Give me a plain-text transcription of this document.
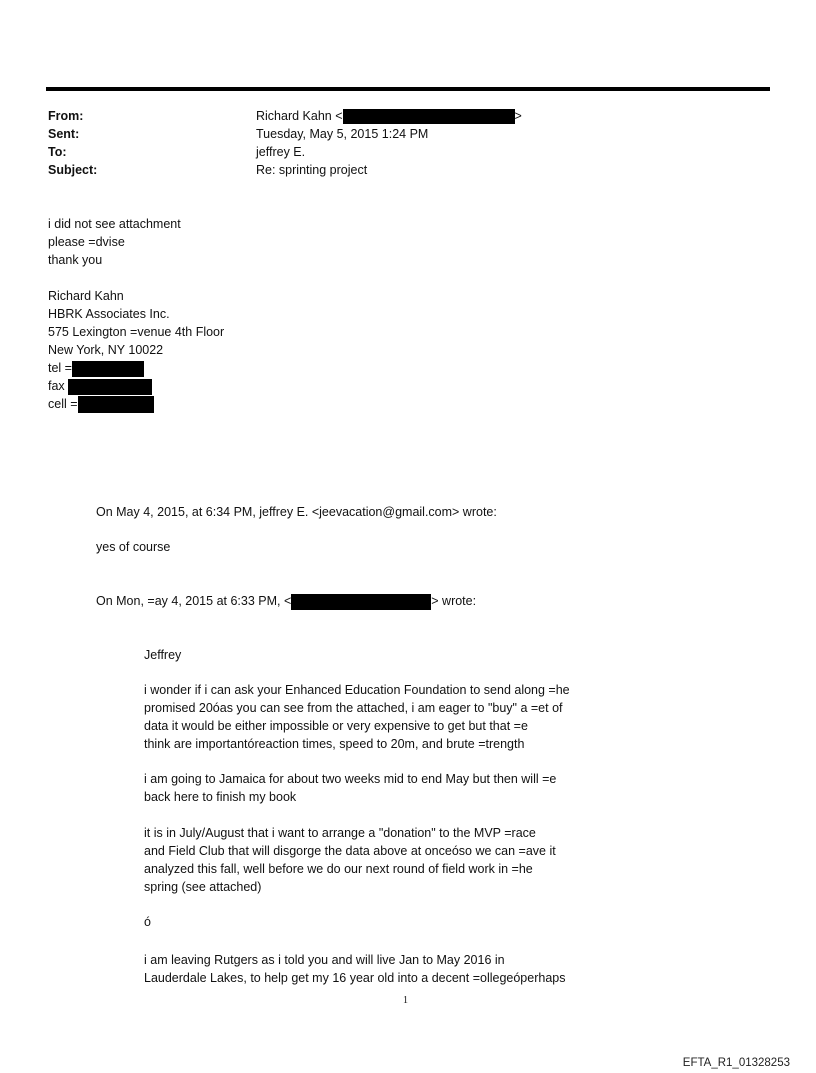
From:
Sent:
To:
Subject:
Richard Kahn <	>
Tuesday, May 5, 2015 1:24 PM
jeffrey E.
Re: sprinting project
i did not see attachment
please =dvise
thank you
Richard Kahn
HBRK Associates Inc.
575 Lexington =venue 4th Floor
New York, NY 10022
tel =
fax
cell =
On May 4, 2015, at 6:34 PM, jeffrey E. <jeevacation@gmail.com> wrote:
yes of course
On Mon, =ay 4, 2015 at 6:33 PM, <	> wrote:
Jeffrey
i wonder if i can ask your Enhanced Education Foundation to send along =he
promised 20óas you can see from the attached, i am eager to "buy" a =et of
data it would be either impossible or very expensive to get but that =e
think are importantóreaction times, speed to 20m, and brute =trength
i am going to Jamaica for about two weeks mid to end May but then will =e
back here to finish my book
it is in July/August that i want to arrange a "donation" to the MVP =race
and Field Club that will disgorge the data above at onceóso we can =ave it
analyzed this fall, well before we do our next round of field work in =he
spring (see attached)
ó
i am leaving Rutgers as i told you and will live Jan to May 2016 in
Lauderdale Lakes, to help get my 16 year old into a decent =ollegeóperhaps
1
EFTA_R1_01328253
